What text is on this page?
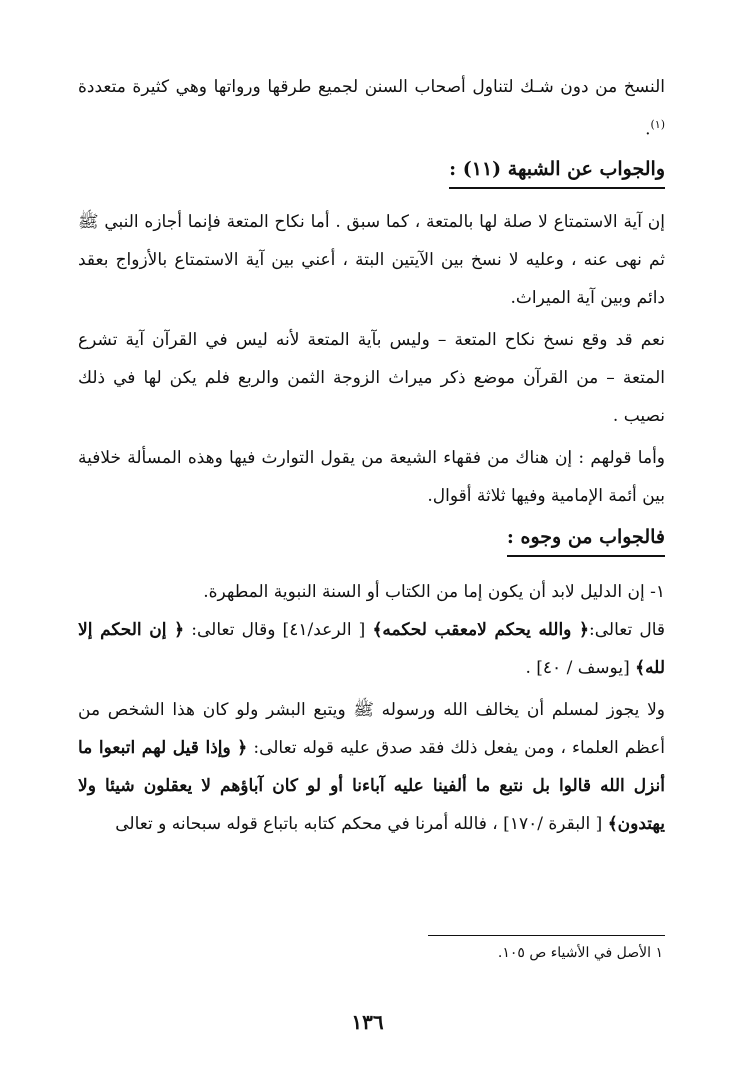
النسخ من دون شـك لتناول أصحاب السنن لجميع طرقها ورواتها وهي كثيرة متعددة $^{(١)}$.

والجواب عن الشبهة (١١) :

إن آية الاستمتاع لا صلة لها بالمتعة ، كما سبق . أما نكاح المتعة فإنما أجازه النبي ﷺ ثم نهى عنه ، وعليه لا نسخ بين الآيتين البتة ، أعني بين آية الاستمتاع بالأزواج بعقد دائم وبين آية الميراث.

نعم قد وقع نسخ نكاح المتعة – وليس بآية المتعة لأنه ليس في القرآن آية تشرع المتعة – من القرآن موضع ذكر ميراث الزوجة الثمن والربع فلم يكن لها في ذلك نصيب .

وأما قولهم : إن هناك من فقهاء الشيعة من يقول التوارث فيها وهذه المسألة خلافية بين أئمة الإمامية وفيها ثلاثة أقوال.

فالجواب من وجوه :

١- إن الدليل لابد أن يكون إما من الكتاب أو السنة النبوية المطهرة.

قال تعالى:﴿ والله يحكم لامعقب لحكمه﴾ [ الرعد/٤١] وقال تعالى: ﴿ إن الحكم إلا لله﴾ [يوسف / ٤٠] .

ولا يجوز لمسلم أن يخالف الله ورسوله ﷺ ويتبع البشر ولو كان هذا الشخص من أعظم العلماء ، ومن يفعل ذلك فقد صدق عليه قوله تعالى: ﴿ وإذا قيل لهم اتبعوا ما أنزل الله قالوا بل نتبع ما ألفينا عليه آباءنا أو لو كان آباؤهم لا يعقلون شيئا ولا يهتدون﴾ [ البقرة /١٧٠] ، فالله أمرنا في محكم كتابه باتباع قوله سبحانه و تعالى

١ الأصل في الأشياء ص ١٠٥.
١٣٦
